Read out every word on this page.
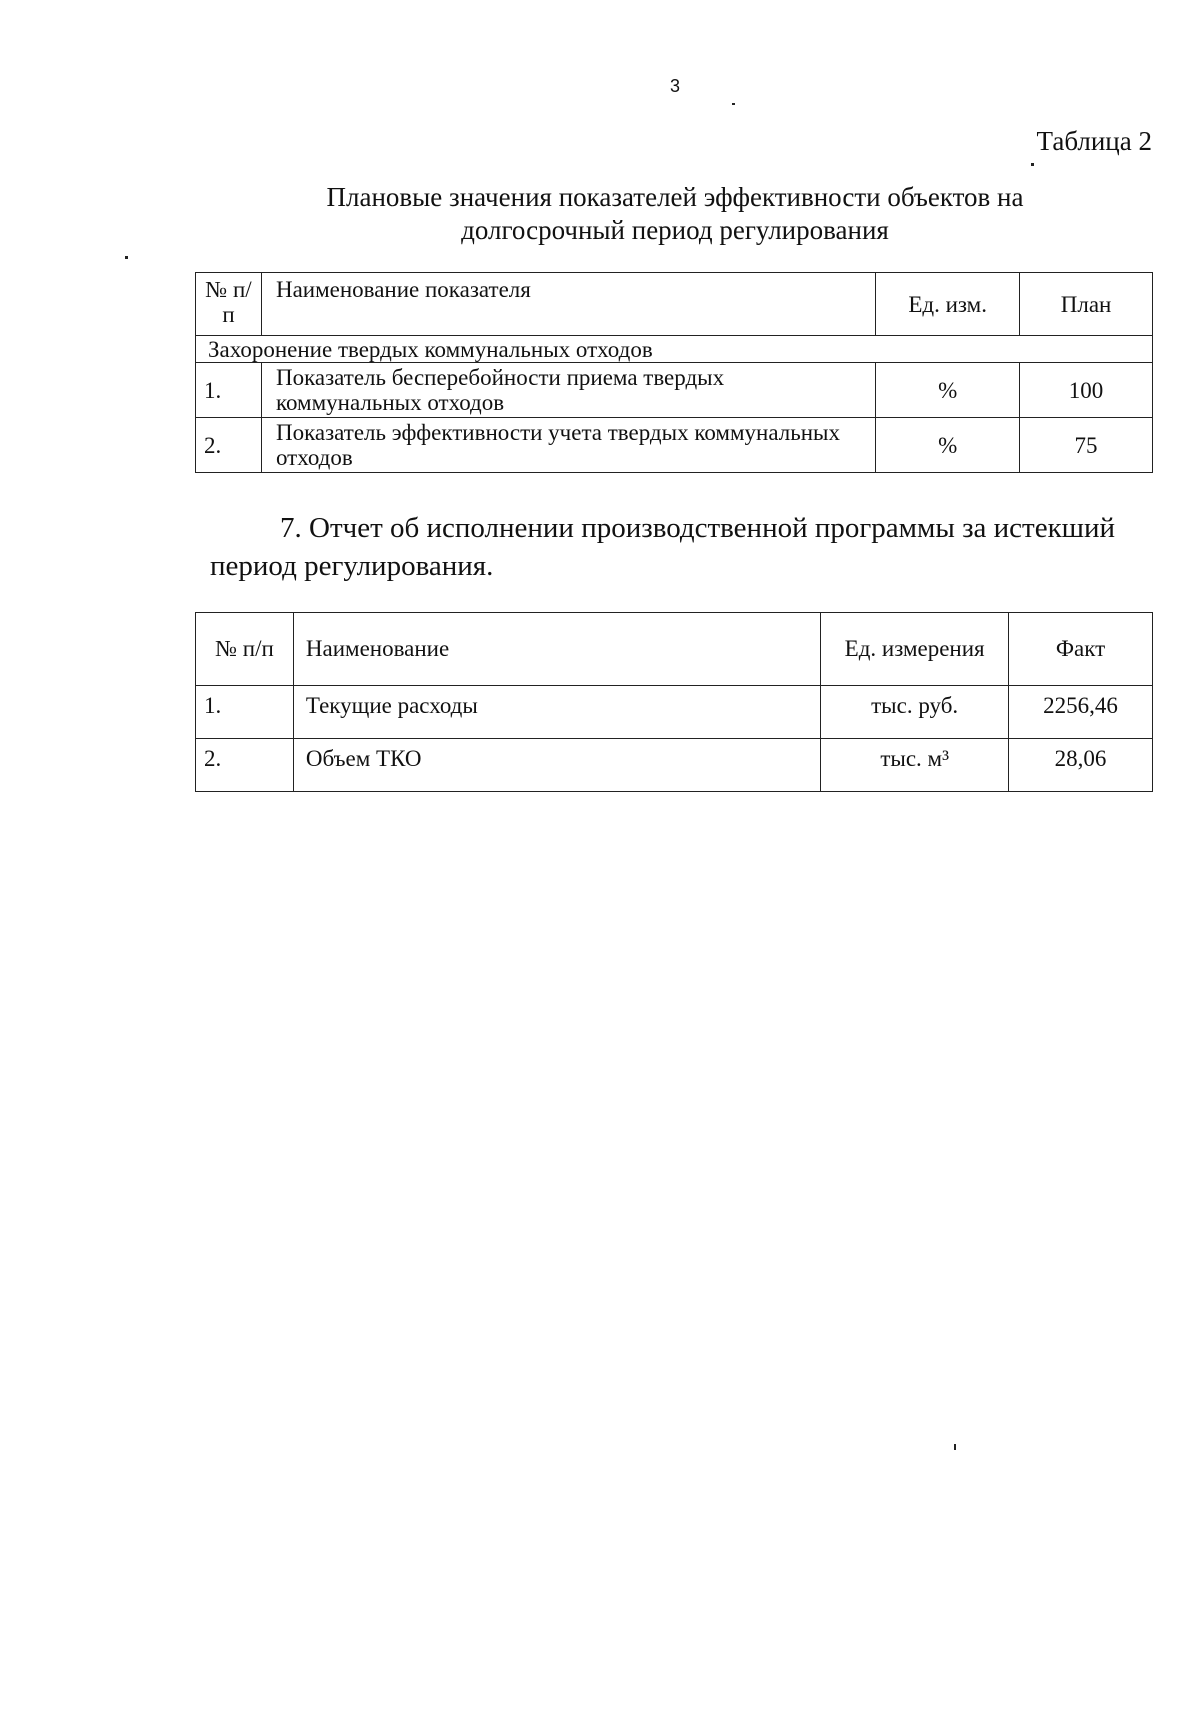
3
Таблица 2
Плановые значения показателей эффективности объектов на
долгосрочный период регулирования
№ п/п	Наименование показателя	Ед. изм.	План
Захоронение твердых коммунальных отходов			
1.	Показатель бесперебойности приема твердых коммунальных отходов	%	100
2.	Показатель эффективности учета твердых коммунальных отходов	%	75
7. Отчет об исполнении производственной программы за истекший
период регулирования.
№ п/п	Наименование	Ед. измерения	Факт
1.	Текущие расходы	тыс. руб.	2256,46
2.	Объем ТКО	тыс. м³	28,06
